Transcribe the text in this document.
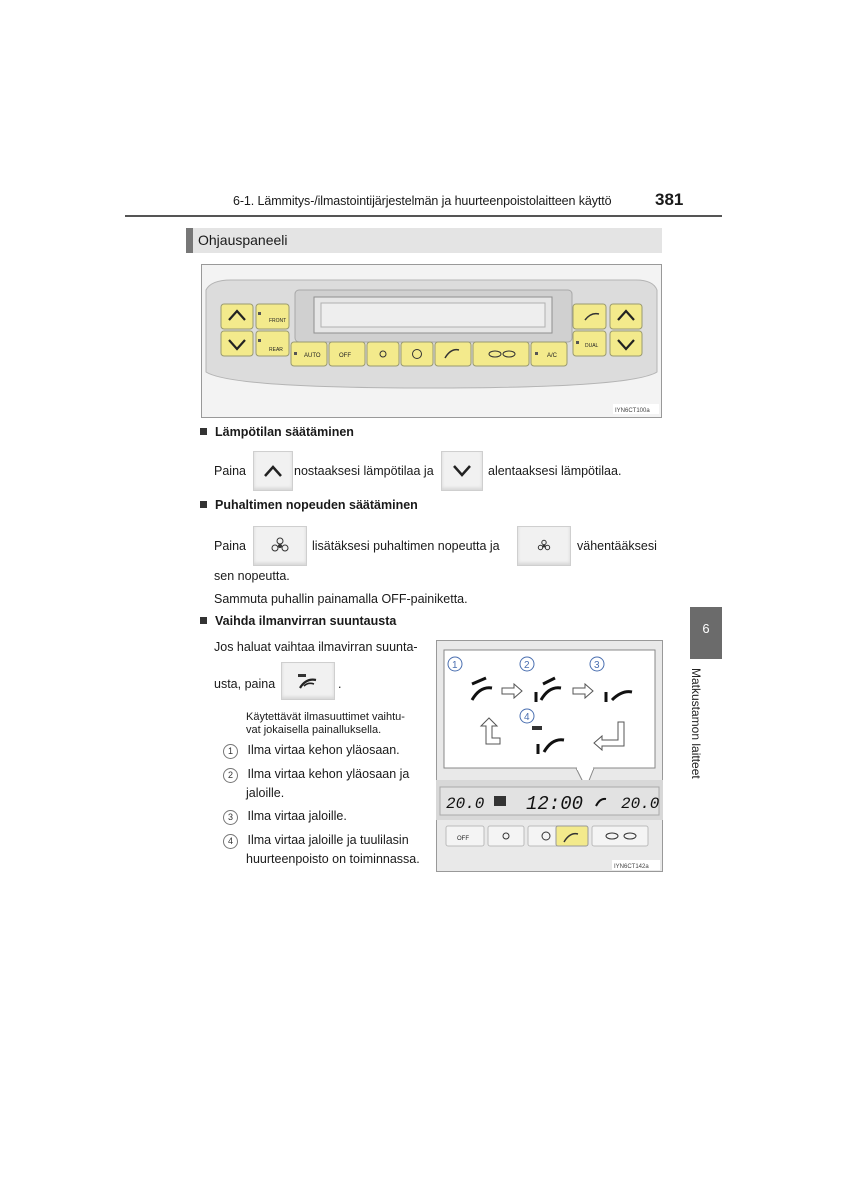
6-1. Lämmitys-/ilmastointijärjestelmän ja huurteenpoistolaitteen käyttö	381
Ohjauspaneeli
FRONT
REAR
AUTO	OFF	A/C
DUAL
IYN6CT100a
Lämpötilan säätäminen
Paina	nostaaksesi lämpötilaa ja	alentaaksesi lämpötilaa.
Puhaltimen nopeuden säätäminen
Paina	lisätäksesi puhaltimen nopeutta ja	vähentääksesi
sen nopeutta.
Sammuta puhallin painamalla OFF-painiketta.
Vaihda ilmanvirran suuntausta
Jos haluat vaihtaa ilmavirran suunta-
usta, paina	.
Käytettävät ilmasuuttimet vaihtu-
vat jokaisella painalluksella.
1 Ilma virtaa kehon yläosaan.
2 Ilma virtaa kehon yläosaan ja
jaloille.
3 Ilma virtaa jaloille.
4 Ilma virtaa jaloille ja tuulilasin
huurteenpoisto on toiminnassa.
1	2	3
4
20.0 12:00 20.0
OFF
IYN6CT142a
6
Matkustamon laitteet
